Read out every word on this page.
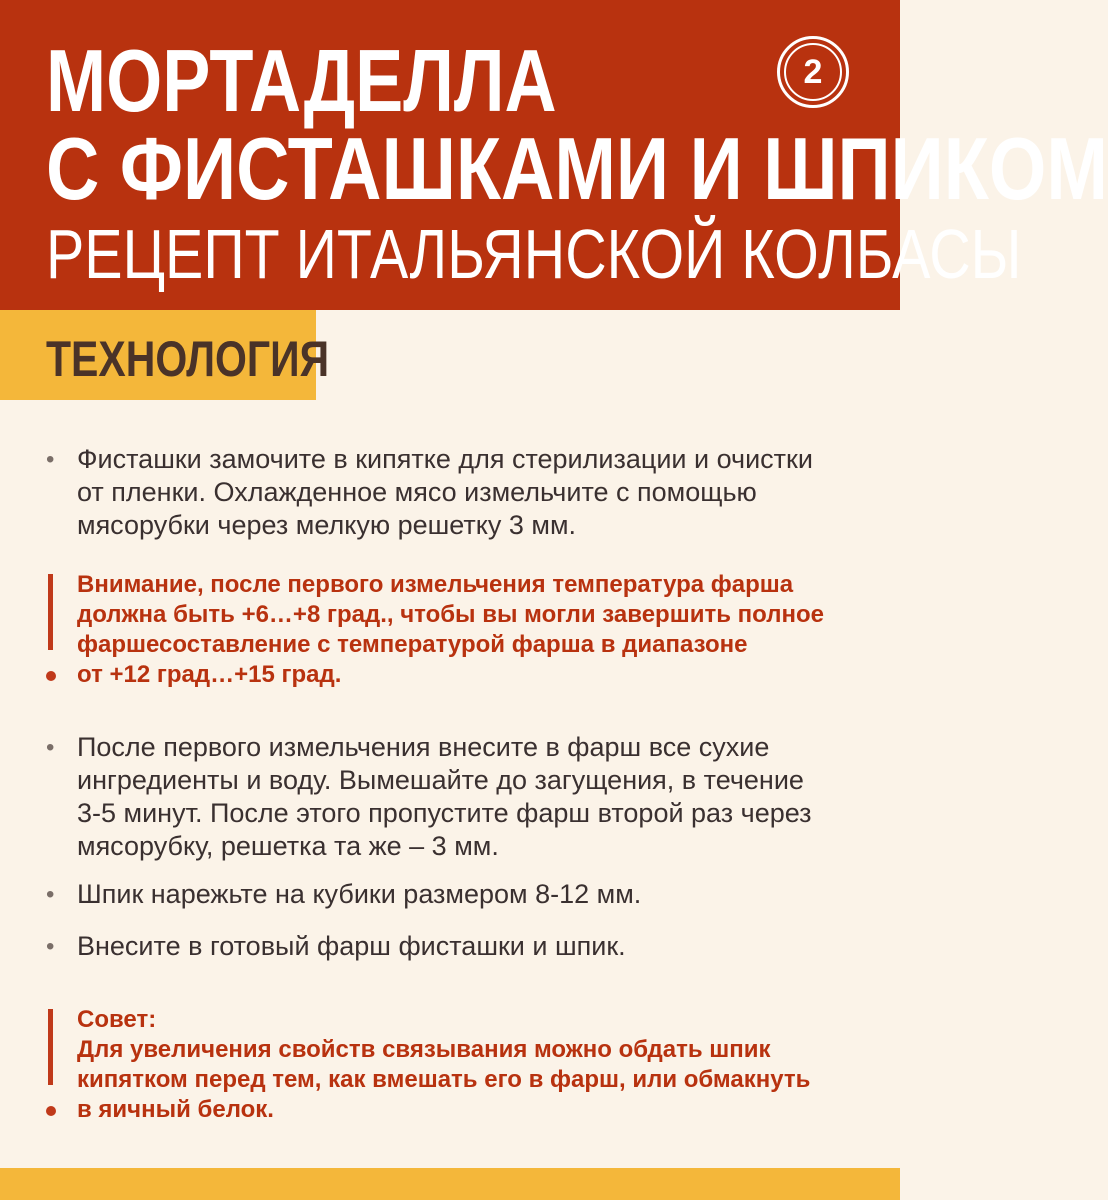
МОРТАДЕЛЛА
С ФИСТАШКАМИ И ШПИКОМ
РЕЦЕПТ ИТАЛЬЯНСКОЙ КОЛБАСЫ
2
ТЕХНОЛОГИЯ
• Фисташки замочите в кипятке для стерилизации и очистки
от пленки. Охлажденное мясо измельчите с помощью
мясорубки через мелкую решетку 3 мм.
Внимание, после первого измельчения температура фарша
должна быть +6…+8 град., чтобы вы могли завершить полное
фаршесоставление с температурой фарша в диапазоне
от +12 град…+15 град.
• После первого измельчения внесите в фарш все сухие
ингредиенты и воду. Вымешайте до загущения, в течение
3-5 минут. После этого пропустите фарш второй раз через
мясорубку, решетка та же – 3 мм.
• Шпик нарежьте на кубики размером 8-12 мм.
• Внесите в готовый фарш фисташки и шпик.
Совет:
Для увеличения свойств связывания можно обдать шпик
кипятком перед тем, как вмешать его в фарш, или обмакнуть
в яичный белок.
